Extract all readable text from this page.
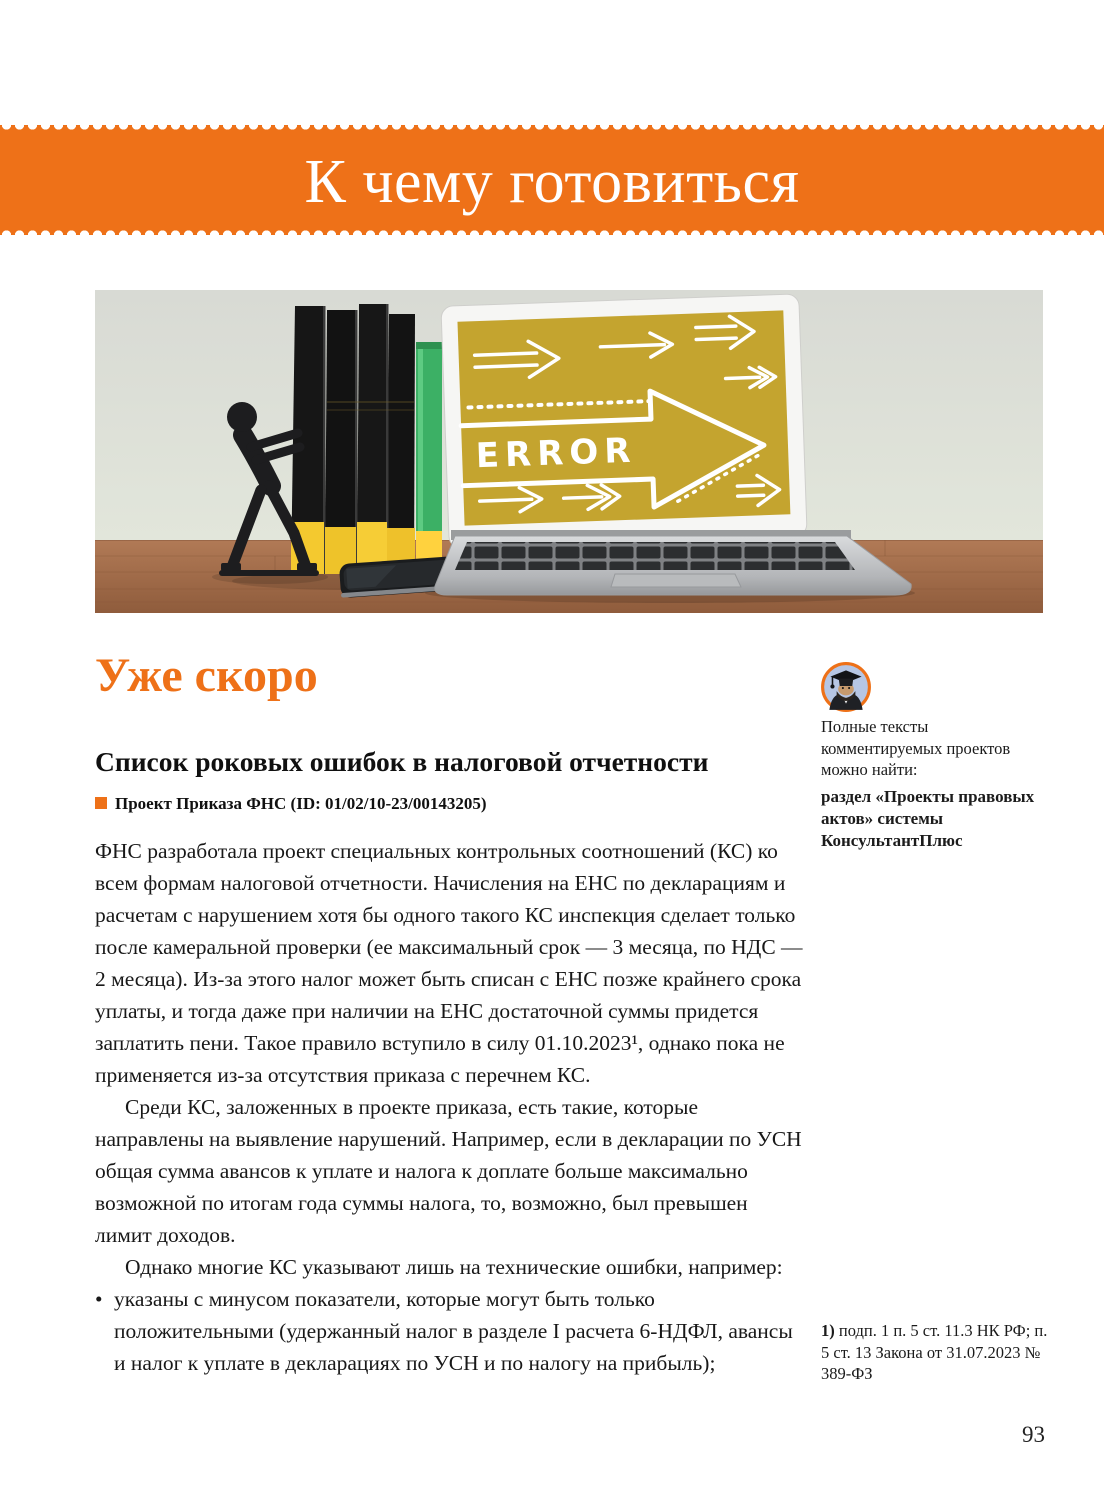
К чему готовиться
ERROR
Уже скоро
Полные тексты комментируемых проектов можно найти:
раздел «Проекты правовых актов» системы КонсультантПлюс
Список роковых ошибок в налоговой отчетности
Проект Приказа ФНС (ID: 01/02/10-23/00143205)

ФНС разработала проект специальных контрольных соотношений (КС) ко всем формам налоговой отчетности. Начисления на ЕНС по декларациям и расчетам с нарушением хотя бы одного такого КС инспекция сделает только после камеральной проверки (ее максимальный срок — 3 месяца, по НДС — 2 месяца). Из-за этого налог может быть списан с ЕНС позже крайнего срока уплаты, и тогда даже при наличии на ЕНС достаточной суммы придется заплатить пени. Такое правило вступило в силу 01.10.2023¹, однако пока не применяется из-за отсутствия приказа с перечнем КС.

Среди КС, заложенных в проекте приказа, есть такие, которые направлены на выявление нарушений. Например, если в декларации по УСН общая сумма авансов к уплате и налога к доплате больше максимально возможной по итогам года суммы налога, то, возможно, был превышен лимит доходов.

Однако многие КС указывают лишь на технические ошибки, например:

• указаны с минусом показатели, которые могут быть только положительными (удержанный налог в разделе I расчета 6-НДФЛ, авансы и налог к уплате в декларациях по УСН и по налогу на прибыль);
1) подп. 1 п. 5 ст. 11.3 НК РФ; п. 5 ст. 13 Закона от 31.07.2023 № 389-ФЗ
93
